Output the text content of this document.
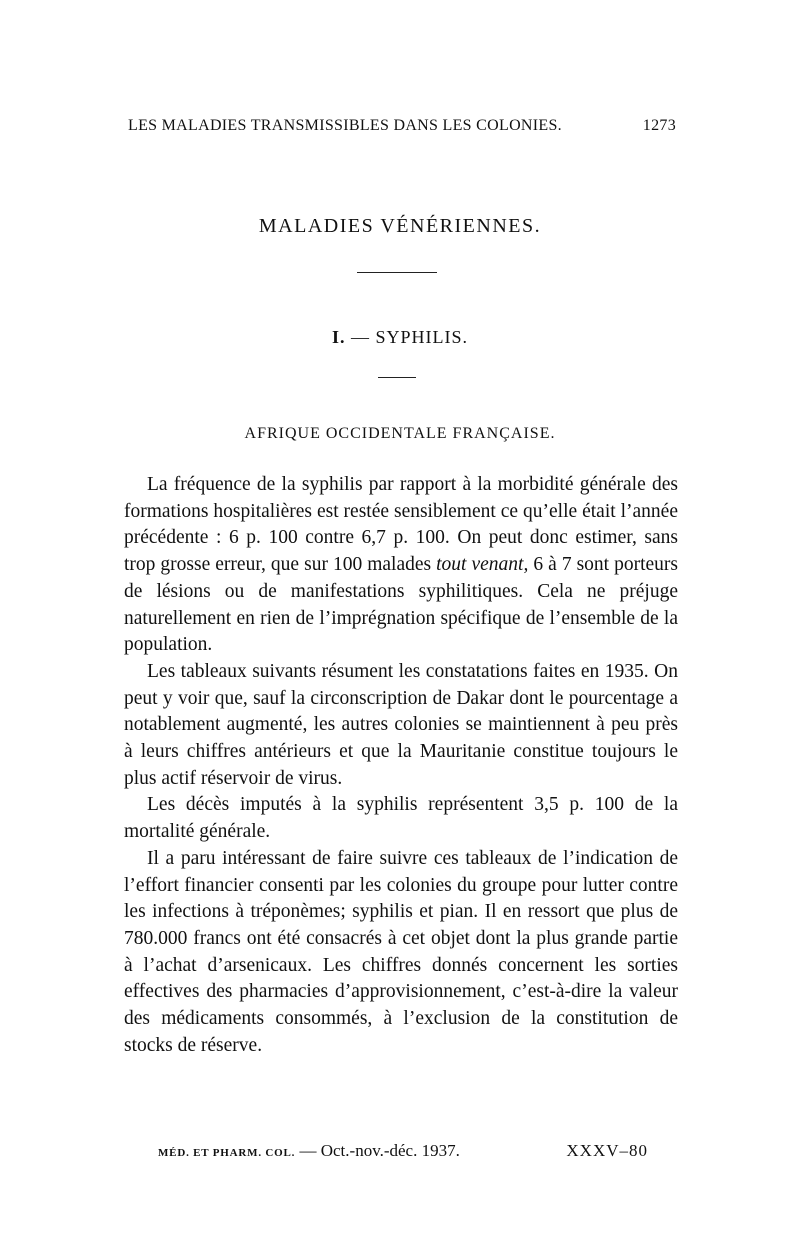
LES MALADIES TRANSMISSIBLES DANS LES COLONIES.	1273
MALADIES VÉNÉRIENNES.
I. — SYPHILIS.
AFRIQUE OCCIDENTALE FRANÇAISE.

La fréquence de la syphilis par rapport à la morbidité générale des formations hospitalières est restée sensiblement ce qu’elle était l’année précédente : 6 p. 100 contre 6,7 p. 100. On peut donc estimer, sans trop grosse erreur, que sur 100 malades tout venant, 6 à 7 sont porteurs de lésions ou de manifestations syphilitiques. Cela ne préjuge naturellement en rien de l’imprégnation spécifique de l’ensemble de la population.

Les tableaux suivants résument les constatations faites en 1935. On peut y voir que, sauf la circonscription de Dakar dont le pourcentage a notablement augmenté, les autres colonies se maintiennent à peu près à leurs chiffres antérieurs et que la Mauritanie constitue toujours le plus actif réservoir de virus.

Les décès imputés à la syphilis représentent 3,5 p. 100 de la mortalité générale.

Il a paru intéressant de faire suivre ces tableaux de l’indication de l’effort financier consenti par les colonies du groupe pour lutter contre les infections à tréponèmes; syphilis et pian. Il en ressort que plus de 780.000 francs ont été consacrés à cet objet dont la plus grande partie à l’achat d’arsenicaux. Les chiffres donnés concernent les sorties effectives des pharmacies d’approvisionnement, c’est-à-dire la valeur des médicaments consommés, à l’exclusion de la constitution de stocks de réserve.

MÉD. ET PHARM. COL. — Oct.-nov.-déc. 1937.	XXXV–80
